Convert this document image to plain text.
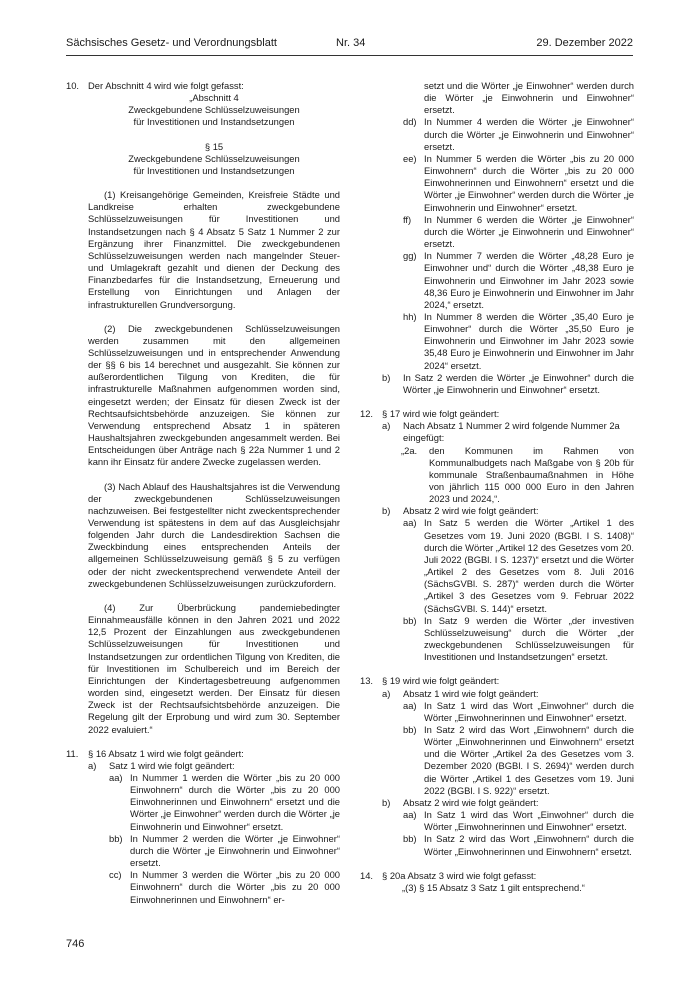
Sächsisches Gesetz- und Verordnungsblatt	Nr. 34	29. Dezember 2022
10. Der Abschnitt 4 wird wie folgt gefasst:
„Abschnitt 4
Zweckgebundene Schlüsselzuweisungen
für Investitionen und Instandsetzungen
§ 15
Zweckgebundene Schlüsselzuweisungen
für Investitionen und Instandsetzungen
(1) Kreisangehörige Gemeinden, Kreisfreie Städte und Landkreise erhalten zweckgebundene Schlüsselzuweisungen für Investitionen und Instandsetzungen nach § 4 Absatz 5 Satz 1 Nummer 2 zur Ergänzung ihrer Finanzmittel. Die zweckgebundenen Schlüsselzuweisungen werden nach mangelnder Steuer- und Umlagekraft gezahlt und dienen der Deckung des Finanzbedarfes für die Instandsetzung, Erneuerung und Erstellung von Einrichtungen und Anlagen der infrastrukturellen Grundversorgung.
(2) Die zweckgebundenen Schlüsselzuweisungen werden zusammen mit den allgemeinen Schlüsselzuweisungen und in entsprechender Anwendung der §§ 6 bis 14 berechnet und ausgezahlt. Sie können zur außerordentlichen Tilgung von Krediten, die für infrastrukturelle Maßnahmen aufgenommen worden sind, eingesetzt werden; der Einsatz für diesen Zweck ist der Rechtsaufsichtsbehörde anzuzeigen. Sie können zur Verwendung entsprechend Absatz 1 in späteren Haushaltsjahren zweckgebunden angesammelt werden. Bei Entscheidungen über Anträge nach § 22a Nummer 1 und 2 kann ihr Einsatz für andere Zwecke zugelassen werden.
(3) Nach Ablauf des Haushaltsjahres ist die Verwendung der zweckgebundenen Schlüsselzuweisungen nachzuweisen. Bei festgestellter nicht zweckentsprechender Verwendung ist spätestens in dem auf das Ausgleichsjahr folgenden Jahr durch die Landesdirektion Sachsen die Zweckbindung eines entsprechenden Anteils der allgemeinen Schlüsselzuweisung gemäß § 5 zu verfügen oder der nicht zweckentsprechend verwendete Anteil der zweckgebundenen Schlüsselzuweisungen zurückzufordern.
(4) Zur Überbrückung pandemiebedingter Einnahmeausfälle können in den Jahren 2021 und 2022 12,5 Prozent der Einzahlungen aus zweckgebundenen Schlüsselzuweisungen für Investitionen und Instandsetzungen zur ordentlichen Tilgung von Krediten, die für Investitionen im Schulbereich und im Bereich der Einrichtungen der Kindertagesbetreuung aufgenommen worden sind, eingesetzt werden. Der Einsatz für diesen Zweck ist der Rechtsaufsichtsbehörde anzuzeigen. Die Regelung gilt der Erprobung und wird zum 30. September 2022 evaluiert.“
11. § 16 Absatz 1 wird wie folgt geändert:
a) Satz 1 wird wie folgt geändert:
aa) In Nummer 1 werden die Wörter „bis zu 20 000 Einwohnern“ durch die Wörter „bis zu 20 000 Einwohnerinnen und Einwohnern“ ersetzt und die Wörter „je Einwohner“ werden durch die Wörter „je Einwohnerin und Einwohner“ ersetzt.
bb) In Nummer 2 werden die Wörter „je Einwohner“ durch die Wörter „je Einwohnerin und Einwohner“ ersetzt.
cc) In Nummer 3 werden die Wörter „bis zu 20 000 Einwohnern“ durch die Wörter „bis zu 20 000 Einwohnerinnen und Einwohnern“ er-
setzt und die Wörter „je Einwohner“ werden durch die Wörter „je Einwohnerin und Einwohner“ ersetzt.
dd) In Nummer 4 werden die Wörter „je Einwohner“ durch die Wörter „je Einwohnerin und Einwohner“ ersetzt.
ee) In Nummer 5 werden die Wörter „bis zu 20 000 Einwohnern“ durch die Wörter „bis zu 20 000 Einwohnerinnen und Einwohnern“ ersetzt und die Wörter „je Einwohner“ werden durch die Wörter „je Einwohnerin und Einwohner“ ersetzt.
ff)	In Nummer 6 werden die Wörter „je Einwohner“ durch die Wörter „je Einwohnerin und Einwohner“ ersetzt.
gg) In Nummer 7 werden die Wörter „48,28 Euro je Einwohner und“ durch die Wörter „48,38 Euro je Einwohnerin und Einwohner im Jahr 2023 sowie 48,36 Euro je Einwohnerin und Einwohner im Jahr 2024,“ ersetzt.
hh) In Nummer 8 werden die Wörter „35,40 Euro je Einwohner“ durch die Wörter „35,50 Euro je Einwohnerin und Einwohner im Jahr 2023 sowie 35,48 Euro je Einwohnerin und Einwohner im Jahr 2024“ ersetzt.
b)	In Satz 2 werden die Wörter „je Einwohner“ durch die Wörter „je Einwohnerin und Einwohner“ ersetzt.
12. § 17 wird wie folgt geändert:
a) Nach Absatz 1 Nummer 2 wird folgende Nummer 2a eingefügt:
„2a.	den Kommunen im Rahmen von Kommunalbudgets nach Maßgabe von § 20b für kommunale Straßenbaumaßnahmen in Höhe von jährlich 115 000 000 Euro in den Jahren 2023 und 2024,“.
b) Absatz 2 wird wie folgt geändert:
aa) In Satz 5 werden die Wörter „Artikel 1 des Gesetzes vom 19. Juni 2020 (BGBl. I S. 1408)“ durch die Wörter „Artikel 12 des Gesetzes vom 20. Juli 2022 (BGBl. I S. 1237)“ ersetzt und die Wörter „Artikel 2 des Gesetzes vom 8. Juli 2016 (SächsGVBl. S. 287)“ werden durch die Wörter „Artikel 3 des Gesetzes vom 9. Februar 2022 (SächsGVBl. S. 144)“ ersetzt.
bb) In Satz 9 werden die Wörter „der investiven Schlüsselzuweisung“ durch die Wörter „der zweckgebundenen Schlüsselzuweisungen für Investitionen und Instandsetzungen“ ersetzt.
13. § 19 wird wie folgt geändert:
a) Absatz 1 wird wie folgt geändert:
aa) In Satz 1 wird das Wort „Einwohner“ durch die Wörter „Einwohnerinnen und Einwohner“ ersetzt.
bb) In Satz 2 wird das Wort „Einwohnern“ durch die Wörter „Einwohnerinnen und Einwohnern“ ersetzt und die Wörter „Artikel 2a des Gesetzes vom 3. Dezember 2020 (BGBl. I S. 2694)“ werden durch die Wörter „Artikel 1 des Gesetzes vom 19. Juni 2022 (BGBl. I S. 922)“ ersetzt.
b) Absatz 2 wird wie folgt geändert:
aa) In Satz 1 wird das Wort „Einwohner“ durch die Wörter „Einwohnerinnen und Einwohner“ ersetzt.
bb) In Satz 2 wird das Wort „Einwohnern“ durch die Wörter „Einwohnerinnen und Einwohnern“ ersetzt.
14. § 20a Absatz 3 wird wie folgt gefasst:
„(3) § 15 Absatz 3 Satz 1 gilt entsprechend.“
746
